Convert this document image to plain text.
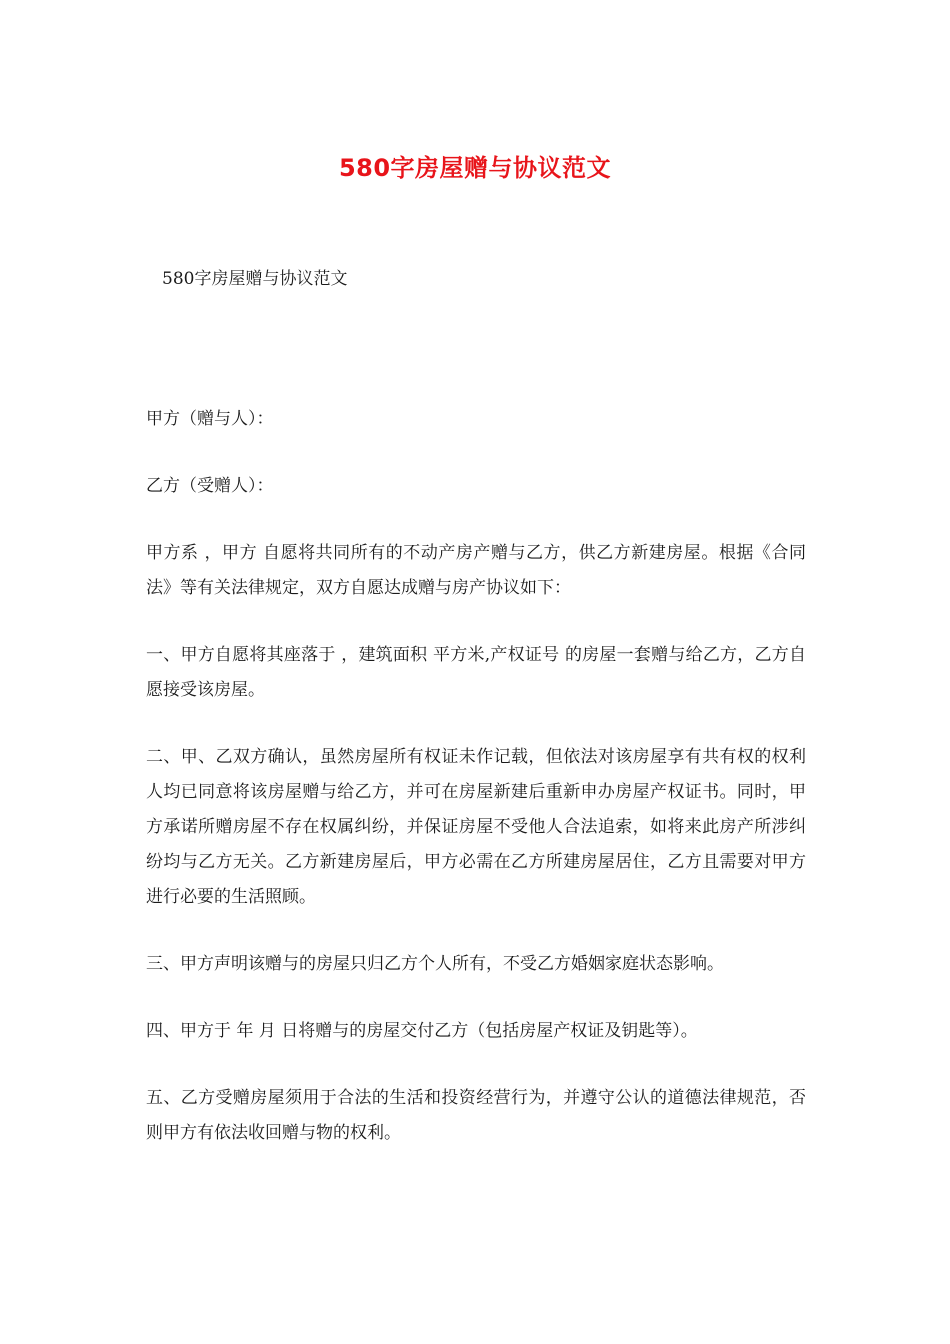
580字房屋赠与协议范文
580字房屋赠与协议范文

甲方（赠与人）：

乙方（受赠人）：

甲方系 ，甲方 自愿将共同所有的不动产房产赠与乙方，供乙方新建房屋。根据《合同法》等有关法律规定，双方自愿达成赠与房产协议如下：

一、甲方自愿将其座落于 ，建筑面积 平方米,产权证号 的房屋一套赠与给乙方，乙方自愿接受该房屋。

二、甲、乙双方确认，虽然房屋所有权证未作记载，但依法对该房屋享有共有权的权利人均已同意将该房屋赠与给乙方，并可在房屋新建后重新申办房屋产权证书。同时，甲方承诺所赠房屋不存在权属纠纷，并保证房屋不受他人合法追索，如将来此房产所涉纠纷均与乙方无关。乙方新建房屋后，甲方必需在乙方所建房屋居住，乙方且需要对甲方进行必要的生活照顾。

三、甲方声明该赠与的房屋只归乙方个人所有，不受乙方婚姻家庭状态影响。

四、甲方于 年 月 日将赠与的房屋交付乙方（包括房屋产权证及钥匙等）。

五、乙方受赠房屋须用于合法的生活和投资经营行为，并遵守公认的道德法律规范，否则甲方有依法收回赠与物的权利。
